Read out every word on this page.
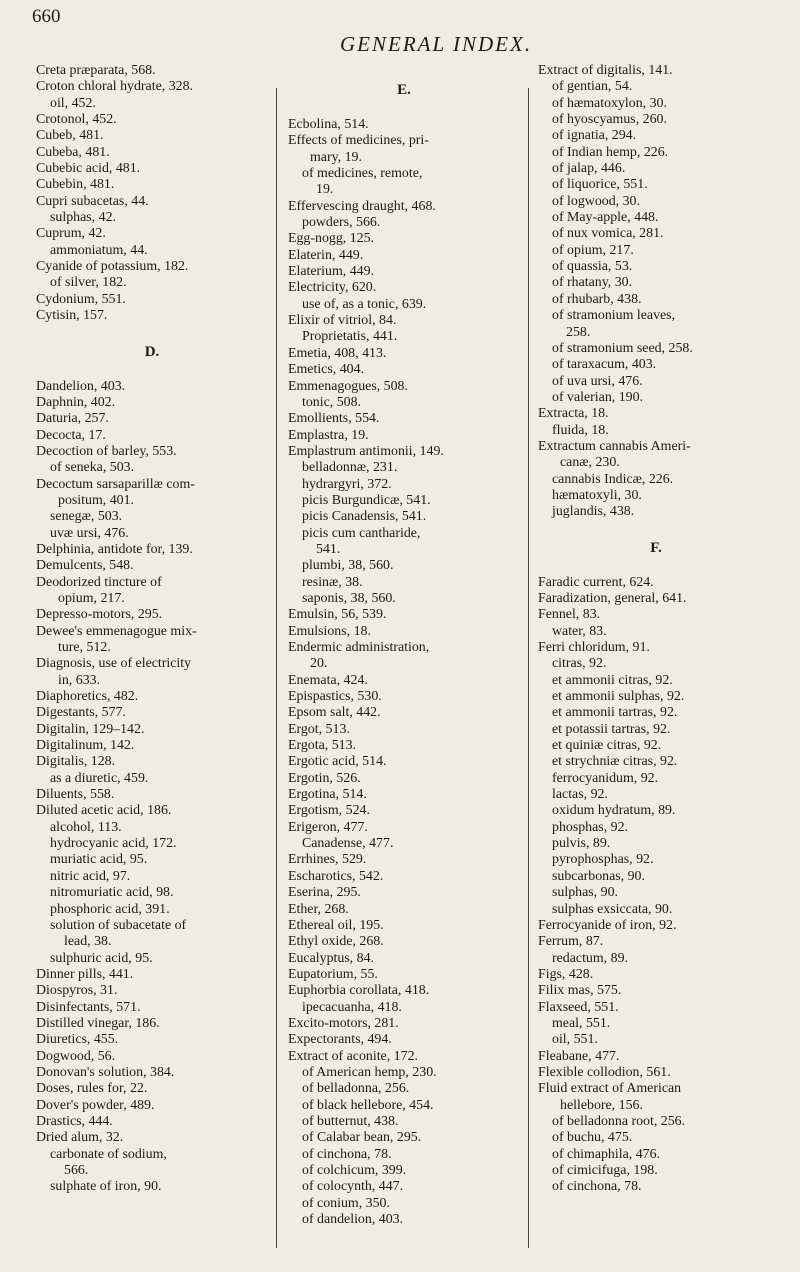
660
GENERAL INDEX.
Creta præparata, 568.
Croton chloral hydrate, 328.
oil, 452.
Crotonol, 452.
Cubeb, 481.
Cubeba, 481.
Cubebic acid, 481.
Cubebin, 481.
Cupri subacetas, 44.
sulphas, 42.
Cuprum, 42.
ammoniatum, 44.
Cyanide of potassium, 182.
of silver, 182.
Cydonium, 551.
Cytisin, 157.
D.
Dandelion, 403.
Daphnin, 402.
Daturia, 257.
Decocta, 17.
Decoction of barley, 553.
of seneka, 503.
Decoctum sarsaparillæ com-
positum, 401.
senegæ, 503.
uvæ ursi, 476.
Delphinia, antidote for, 139.
Demulcents, 548.
Deodorized tincture of
opium, 217.
Depresso-motors, 295.
Dewee's emmenagogue mix-
ture, 512.
Diagnosis, use of electricity
in, 633.
Diaphoretics, 482.
Digestants, 577.
Digitalin, 129–142.
Digitalinum, 142.
Digitalis, 128.
as a diuretic, 459.
Diluents, 558.
Diluted acetic acid, 186.
alcohol, 113.
hydrocyanic acid, 172.
muriatic acid, 95.
nitric acid, 97.
nitromuriatic acid, 98.
phosphoric acid, 391.
solution of subacetate of
lead, 38.
sulphuric acid, 95.
Dinner pills, 441.
Diospyros, 31.
Disinfectants, 571.
Distilled vinegar, 186.
Diuretics, 455.
Dogwood, 56.
Donovan's solution, 384.
Doses, rules for, 22.
Dover's powder, 489.
Drastics, 444.
Dried alum, 32.
carbonate of sodium,
566.
sulphate of iron, 90.
E.
Ecbolina, 514.
Effects of medicines, pri-
mary, 19.
of medicines, remote,
19.
Effervescing draught, 468.
powders, 566.
Egg-nogg, 125.
Elaterin, 449.
Elaterium, 449.
Electricity, 620.
use of, as a tonic, 639.
Elixir of vitriol, 84.
Proprietatis, 441.
Emetia, 408, 413.
Emetics, 404.
Emmenagogues, 508.
tonic, 508.
Emollients, 554.
Emplastra, 19.
Emplastrum antimonii, 149.
belladonnæ, 231.
hydrargyri, 372.
picis Burgundicæ, 541.
picis Canadensis, 541.
picis cum cantharide,
541.
plumbi, 38, 560.
resinæ, 38.
saponis, 38, 560.
Emulsin, 56, 539.
Emulsions, 18.
Endermic administration,
20.
Enemata, 424.
Epispastics, 530.
Epsom salt, 442.
Ergot, 513.
Ergota, 513.
Ergotic acid, 514.
Ergotin, 526.
Ergotina, 514.
Ergotism, 524.
Erigeron, 477.
Canadense, 477.
Errhines, 529.
Escharotics, 542.
Eserina, 295.
Ether, 268.
Ethereal oil, 195.
Ethyl oxide, 268.
Eucalyptus, 84.
Eupatorium, 55.
Euphorbia corollata, 418.
ipecacuanha, 418.
Excito-motors, 281.
Expectorants, 494.
Extract of aconite, 172.
of American hemp, 230.
of belladonna, 256.
of black hellebore, 454.
of butternut, 438.
of Calabar bean, 295.
of cinchona, 78.
of colchicum, 399.
of colocynth, 447.
of conium, 350.
of dandelion, 403.
Extract of digitalis, 141.
of gentian, 54.
of hæmatoxylon, 30.
of hyoscyamus, 260.
of ignatia, 294.
of Indian hemp, 226.
of jalap, 446.
of liquorice, 551.
of logwood, 30.
of May-apple, 448.
of nux vomica, 281.
of opium, 217.
of quassia, 53.
of rhatany, 30.
of rhubarb, 438.
of stramonium leaves,
258.
of stramonium seed, 258.
of taraxacum, 403.
of uva ursi, 476.
of valerian, 190.
Extracta, 18.
fluida, 18.
Extractum cannabis Ameri-
canæ, 230.
cannabis Indicæ, 226.
hæmatoxyli, 30.
juglandis, 438.
F.
Faradic current, 624.
Faradization, general, 641.
Fennel, 83.
water, 83.
Ferri chloridum, 91.
citras, 92.
et ammonii citras, 92.
et ammonii sulphas, 92.
et ammonii tartras, 92.
et potassii tartras, 92.
et quiniæ citras, 92.
et strychniæ citras, 92.
ferrocyanidum, 92.
lactas, 92.
oxidum hydratum, 89.
phosphas, 92.
pulvis, 89.
pyrophosphas, 92.
subcarbonas, 90.
sulphas, 90.
sulphas exsiccata, 90.
Ferrocyanide of iron, 92.
Ferrum, 87.
redactum, 89.
Figs, 428.
Filix mas, 575.
Flaxseed, 551.
meal, 551.
oil, 551.
Fleabane, 477.
Flexible collodion, 561.
Fluid extract of American
hellebore, 156.
of belladonna root, 256.
of buchu, 475.
of chimaphila, 476.
of cimicifuga, 198.
of cinchona, 78.
